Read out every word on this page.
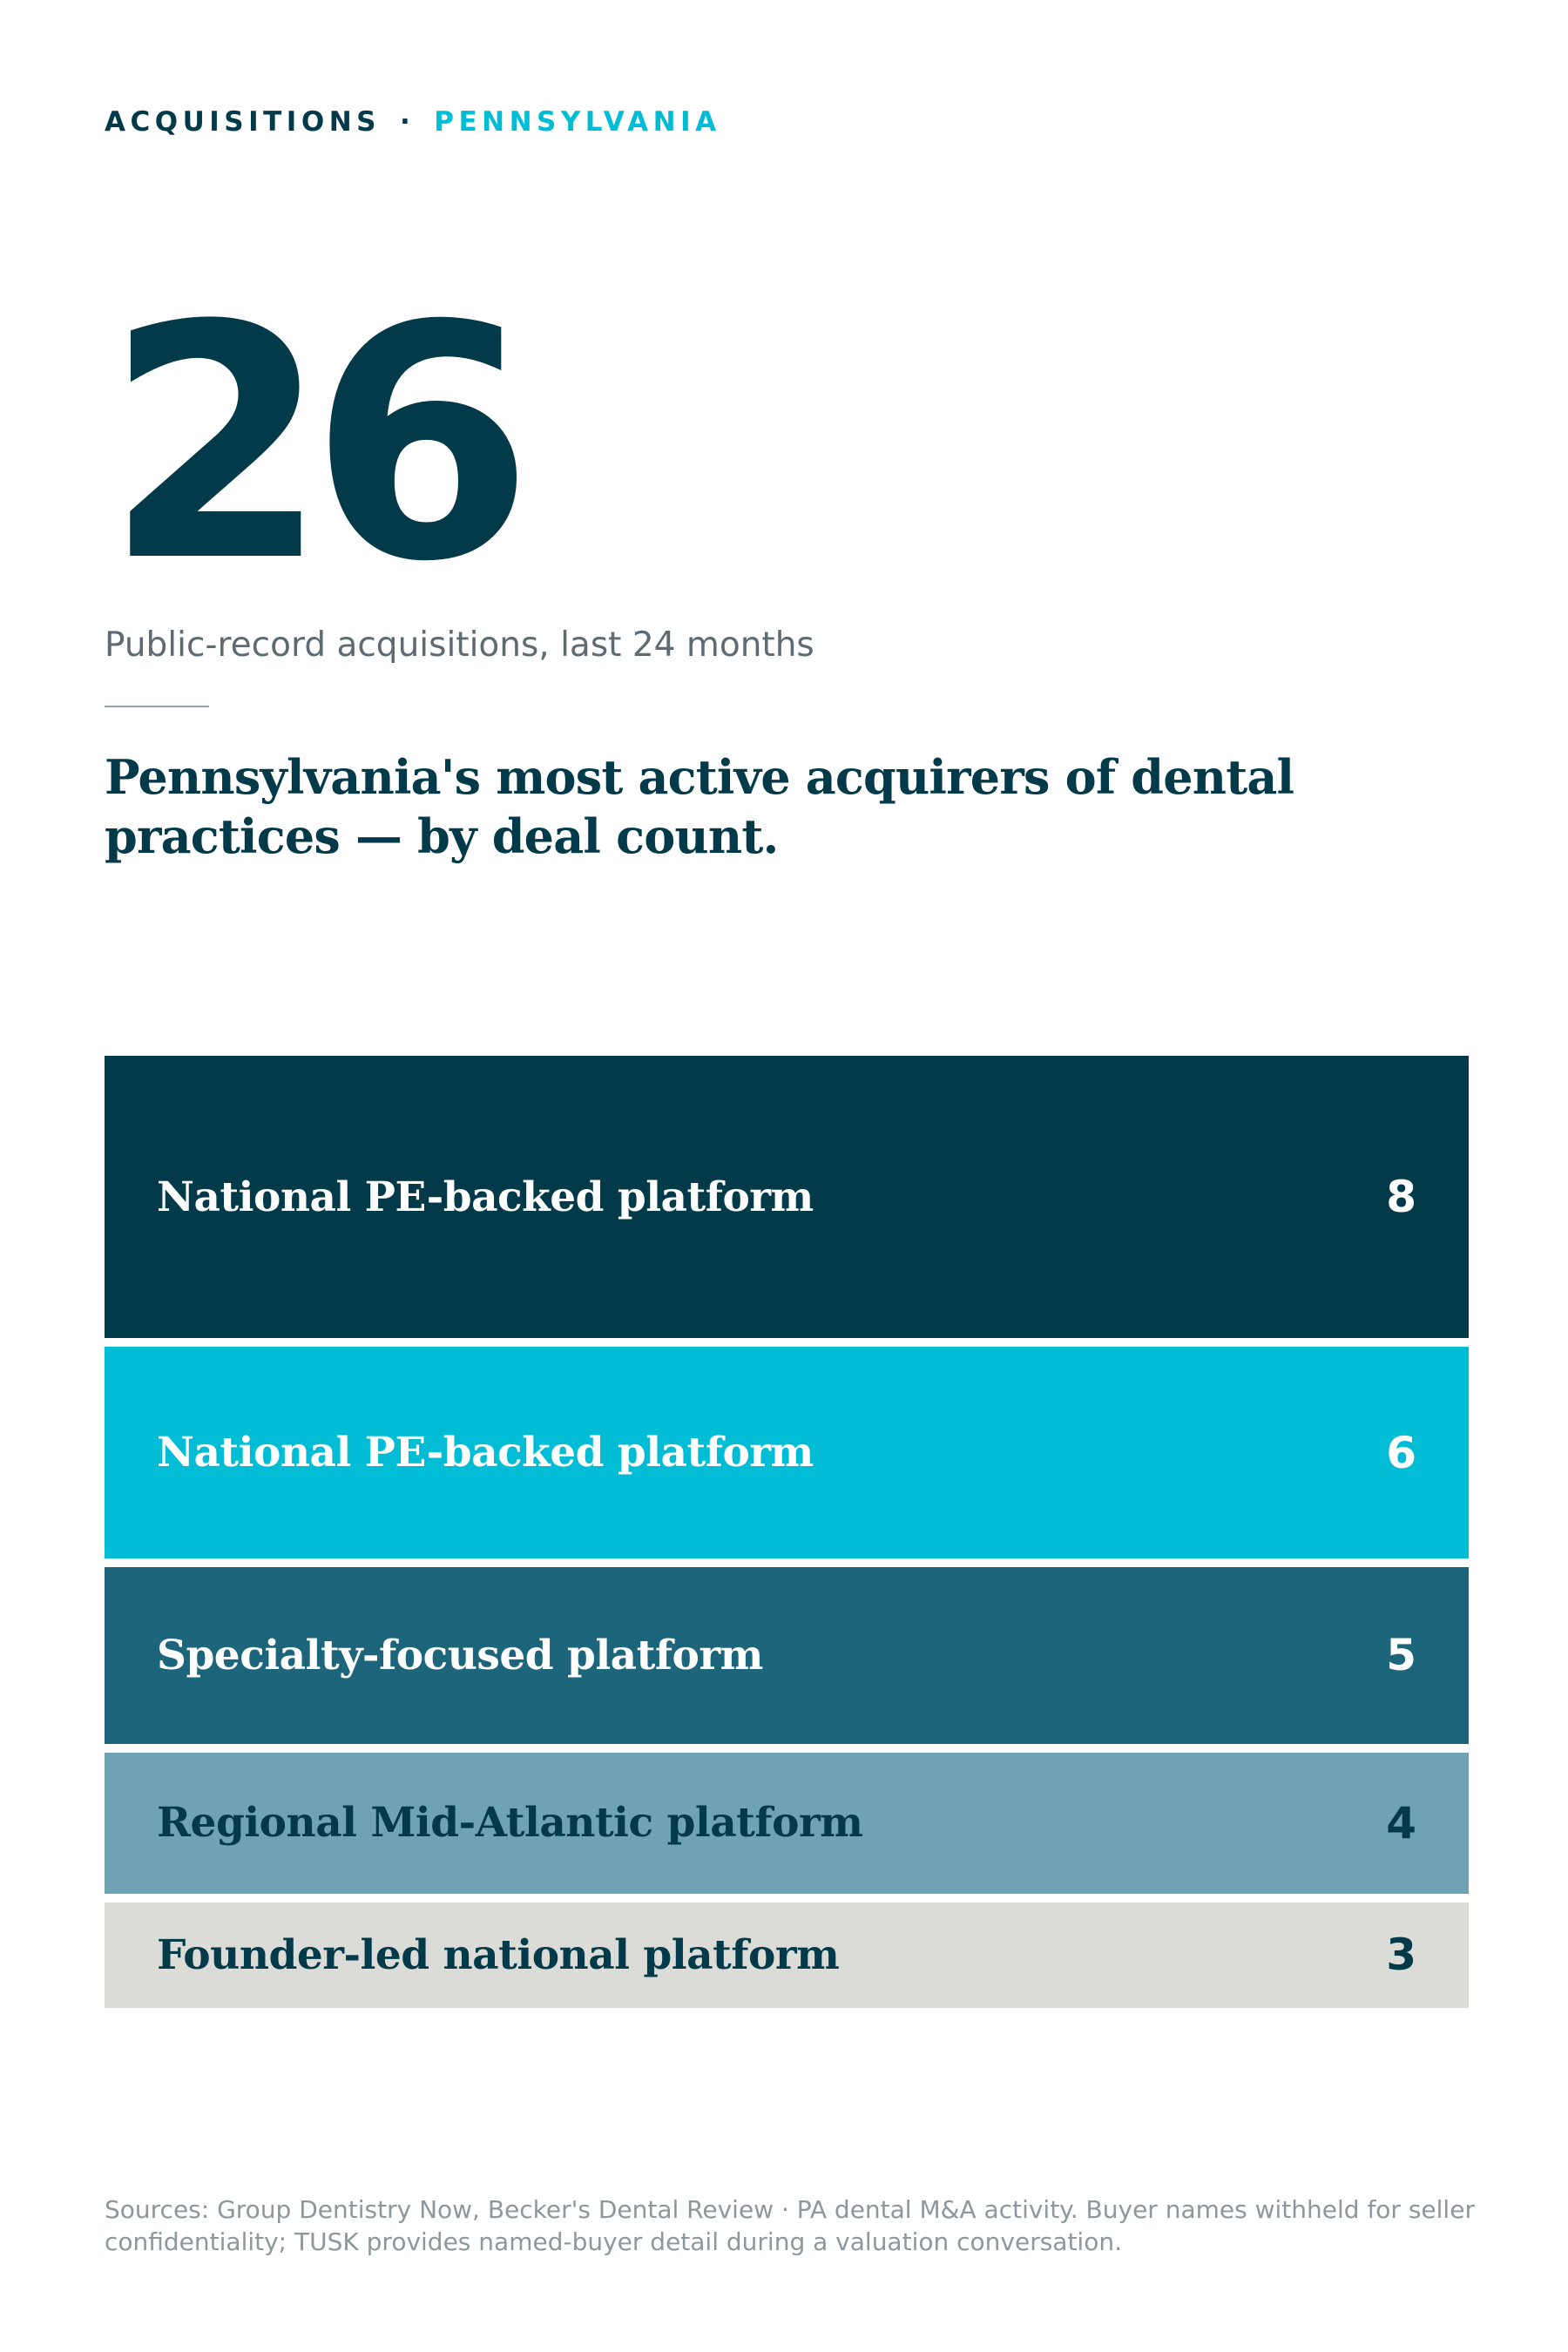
ACQUISITIONS · PENNSYLVANIA
26
Public-record acquisitions, last 24 months
Pennsylvania's most active acquirers of dental practices — by deal count.
National PE-backed platform	8
National PE-backed platform	6
Specialty-focused platform	5
Regional Mid-Atlantic platform	4
Founder-led national platform	3
Sources: Group Dentistry Now, Becker's Dental Review · PA dental M&A activity. Buyer names withheld for seller confidentiality; TUSK provides named-buyer detail during a valuation conversation.
